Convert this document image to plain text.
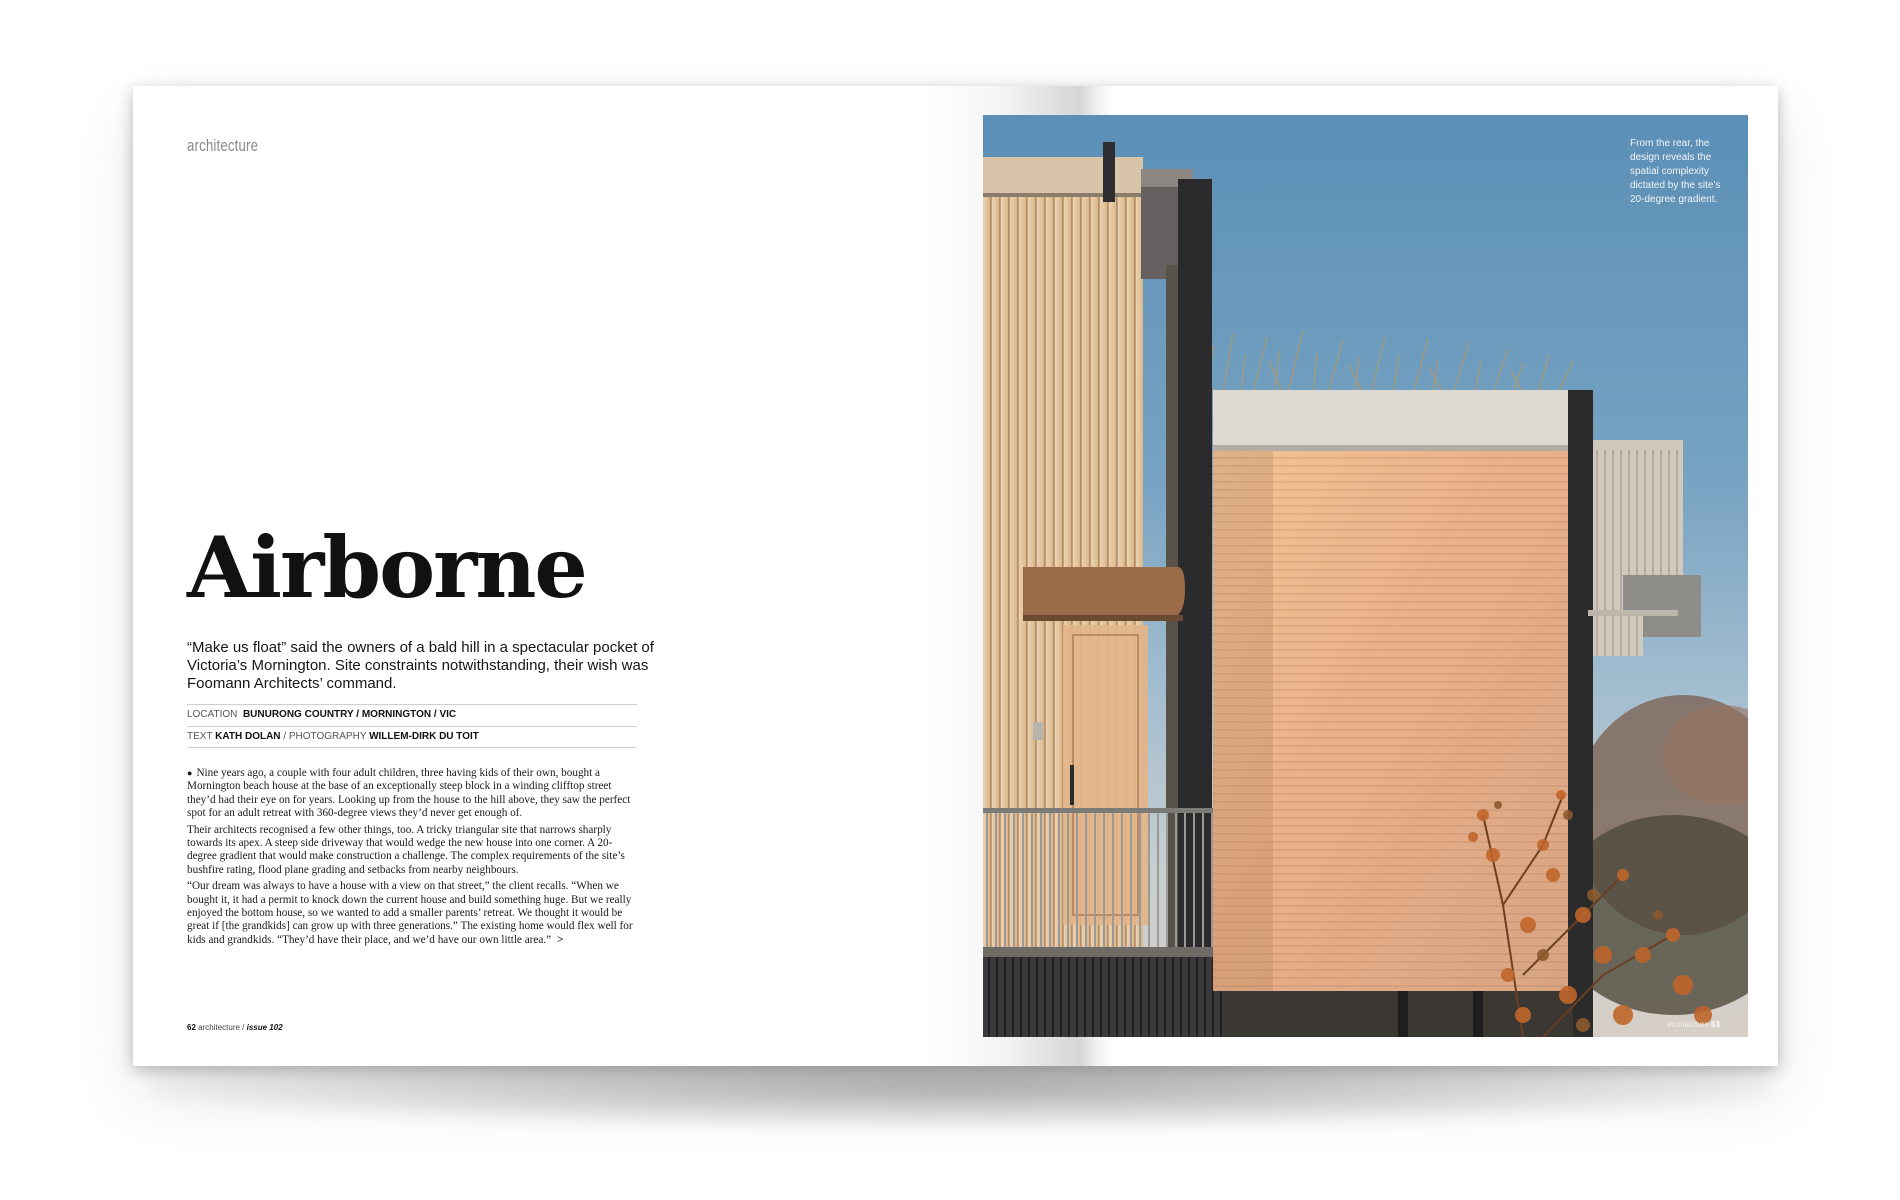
architecture
Airborne

“Make us float” said the owners of a bald hill in a spectacular pocket of Victoria’s Mornington. Site constraints notwithstanding, their wish was Foomann Architects’ command.

LOCATION BUNURONG COUNTRY / MORNINGTON / VIC
TEXT KATH DOLAN / PHOTOGRAPHY WILLEM-DIRK DU TOIT

● Nine years ago, a couple with four adult children, three having kids of their own, bought a Mornington beach house at the base of an exceptionally steep block in a winding clifftop street they’d had their eye on for years. Looking up from the house to the hill above, they saw the perfect spot for an adult retreat with 360-degree views they’d never get enough of.

Their architects recognised a few other things, too. A tricky triangular site that narrows sharply towards its apex. A steep side driveway that would wedge the new house into one corner. A 20-degree gradient that would make construction a challenge. The complex requirements of the site’s bushfire rating, flood plane grading and setbacks from nearby neighbours.

“Our dream was always to have a house with a view on that street,” the client recalls. “When we bought it, it had a permit to knock down the current house and build something huge. But we really enjoyed the bottom house, so we wanted to add a smaller parents’ retreat. We thought it would be great if [the grandkids] can grow up with three generations.” The existing home would flex well for kids and grandkids. “They’d have their place, and we’d have our own little area.” >

62 architecture / issue 102
From the rear, the design reveals the spatial complexity dictated by the site’s 20-degree gradient.
architecture 63
